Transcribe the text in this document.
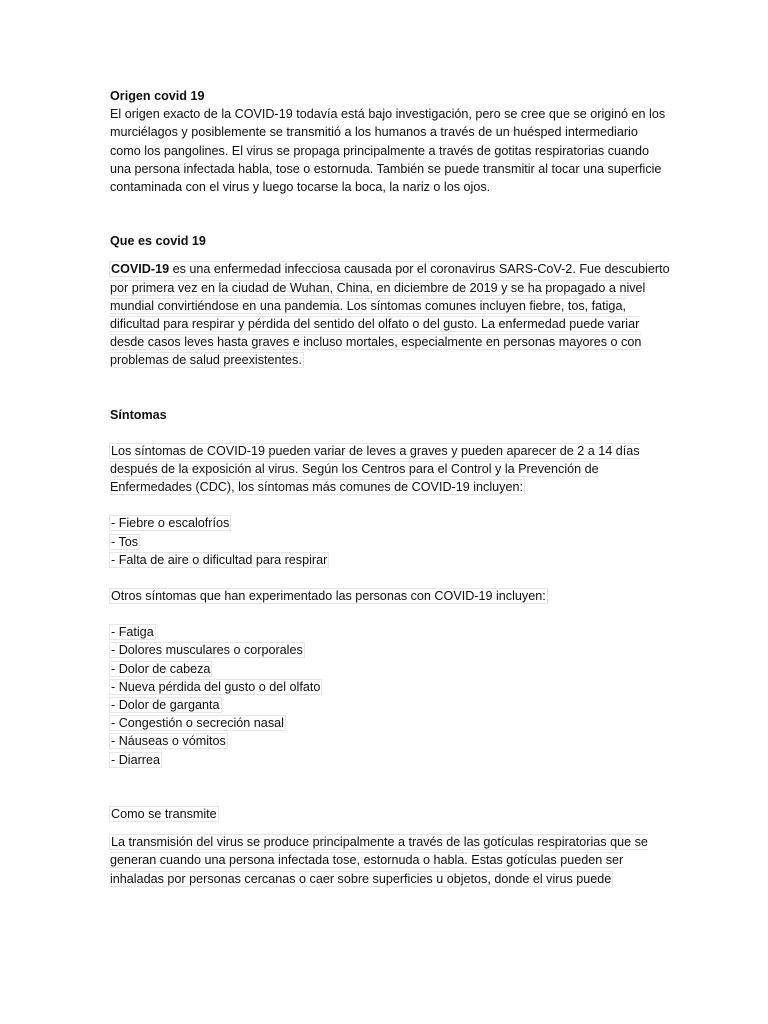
Origen covid 19

El origen exacto de la COVID-19 todavía está bajo investigación, pero se cree que se originó en los murciélagos y posiblemente se transmitió a los humanos a través de un huésped intermediario como los pangolines. El virus se propaga principalmente a través de gotitas respiratorias cuando una persona infectada habla, tose o estornuda. También se puede transmitir al tocar una superficie contaminada con el virus y luego tocarse la boca, la nariz o los ojos.

Que es covid 19

COVID-19 es una enfermedad infecciosa causada por el coronavirus SARS-CoV-2. Fue descubierto por primera vez en la ciudad de Wuhan, China, en diciembre de 2019 y se ha propagado a nivel mundial convirtiéndose en una pandemia. Los síntomas comunes incluyen fiebre, tos, fatiga, dificultad para respirar y pérdida del sentido del olfato o del gusto. La enfermedad puede variar desde casos leves hasta graves e incluso mortales, especialmente en personas mayores o con problemas de salud preexistentes.

Síntomas

Los síntomas de COVID-19 pueden variar de leves a graves y pueden aparecer de 2 a 14 días después de la exposición al virus. Según los Centros para el Control y la Prevención de Enfermedades (CDC), los síntomas más comunes de COVID-19 incluyen:

- Fiebre o escalofríos

- Tos

- Falta de aire o dificultad para respirar

Otros síntomas que han experimentado las personas con COVID-19 incluyen:

- Fatiga

- Dolores musculares o corporales

- Dolor de cabeza

- Nueva pérdida del gusto o del olfato

- Dolor de garganta

- Congestión o secreción nasal

- Náuseas o vómitos

- Diarrea

Como se transmite

La transmisión del virus se produce principalmente a través de las gotículas respiratorias que se generan cuando una persona infectada tose, estornuda o habla. Estas gotículas pueden ser inhaladas por personas cercanas o caer sobre superficies u objetos, donde el virus puede
